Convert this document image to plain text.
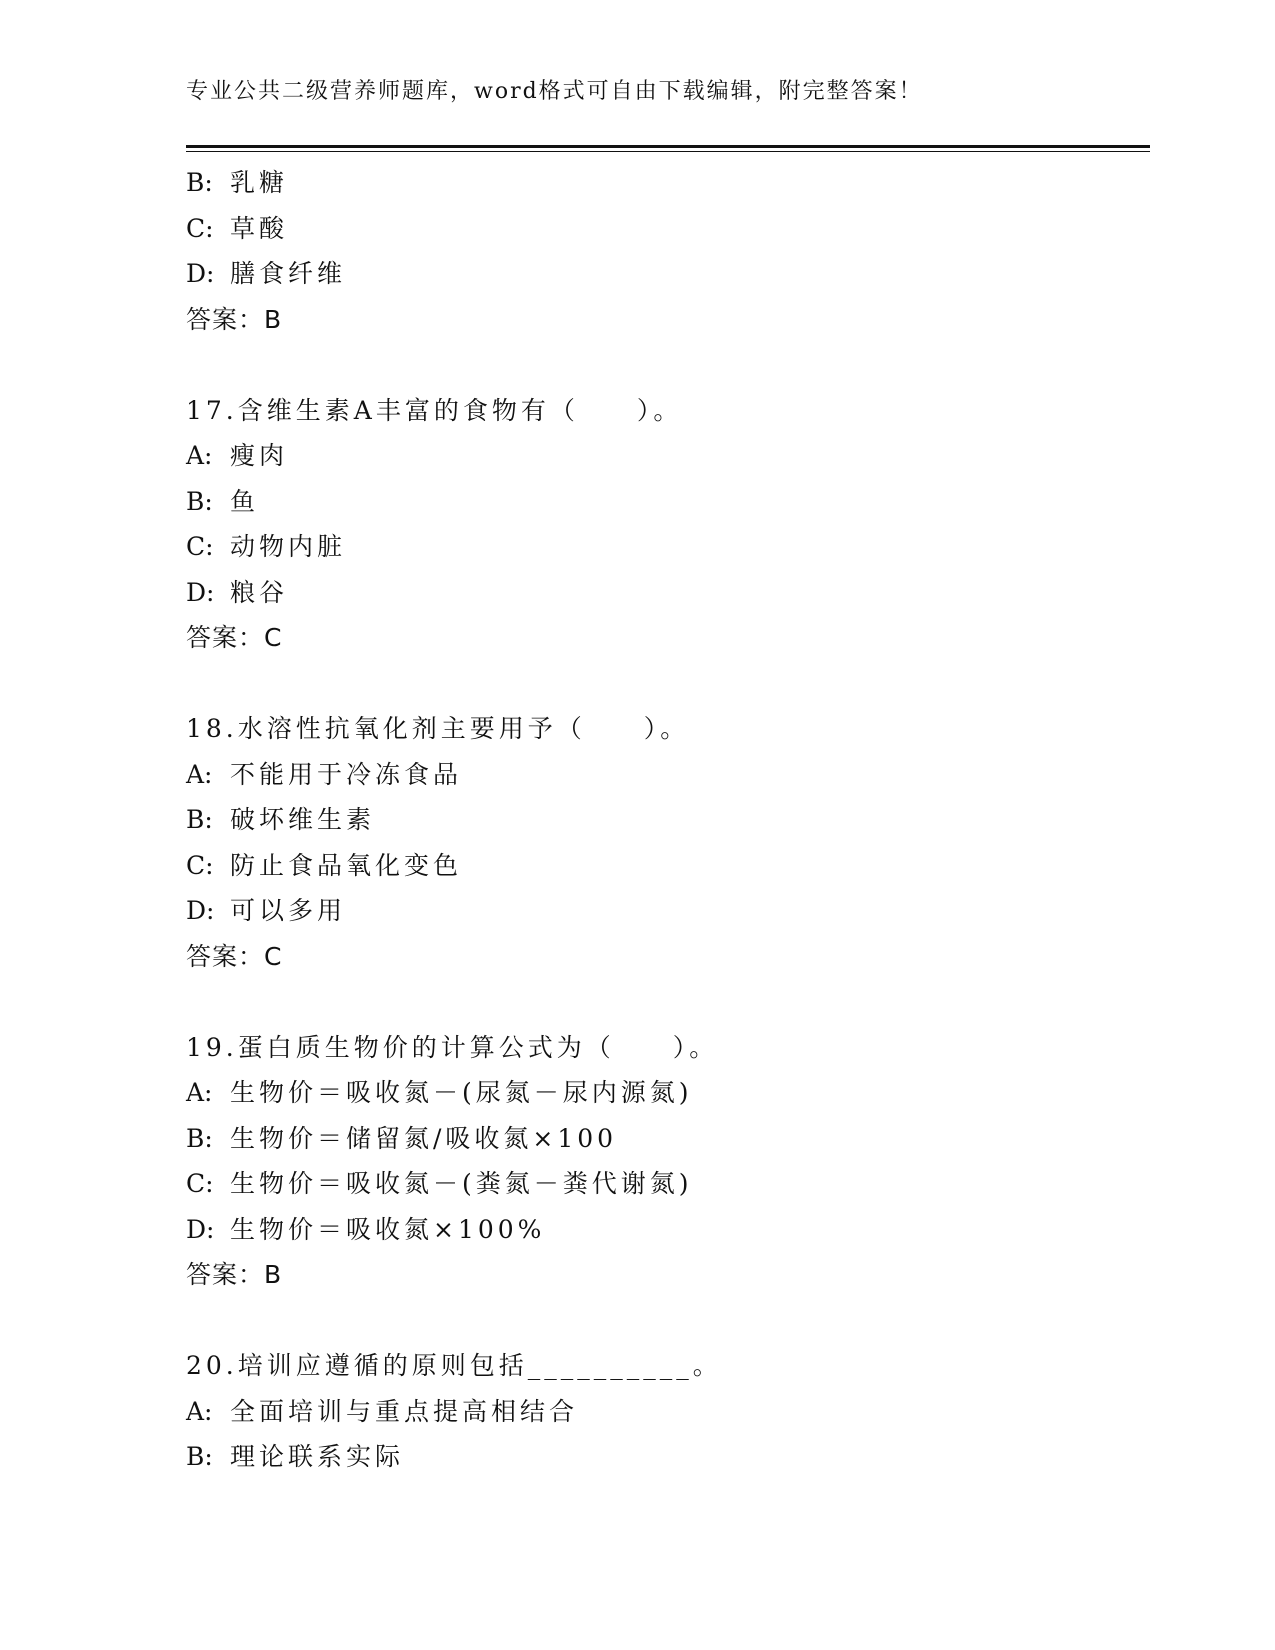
专业公共二级营养师题库，word格式可自由下载编辑，附完整答案！
B: 乳糖
C: 草酸
D: 膳食纤维
答案：B
17.含维生素A丰富的食物有（　　）。
A: 瘦肉
B: 鱼
C: 动物内脏
D: 粮谷
答案：C
18.水溶性抗氧化剂主要用予（　　）。
A: 不能用于冷冻食品
B: 破坏维生素
C: 防止食品氧化变色
D: 可以多用
答案：C
19.蛋白质生物价的计算公式为（　　）。
A: 生物价＝吸收氮－(尿氮－尿内源氮)
B: 生物价＝储留氮/吸收氮×100
C: 生物价＝吸收氮－(粪氮－粪代谢氮)
D: 生物价＝吸收氮×100%
答案：B
20.培训应遵循的原则包括__________。
A: 全面培训与重点提高相结合
B: 理论联系实际
